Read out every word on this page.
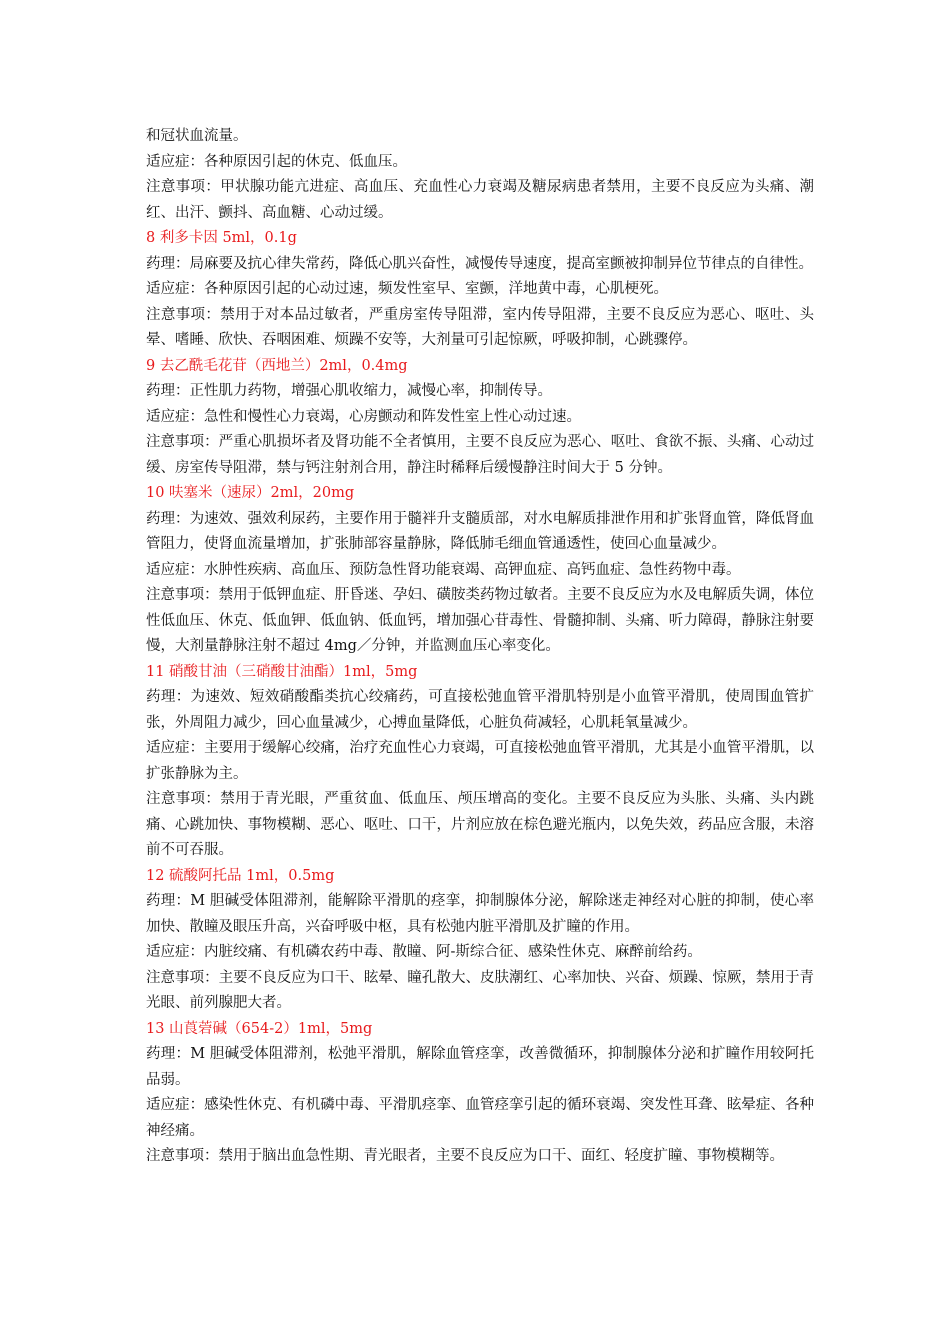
和冠状血流量。

适应症：各种原因引起的休克、低血压。

注意事项：甲状腺功能亢进症、高血压、充血性心力衰竭及糖尿病患者禁用，主要不良反应为头痛、潮红、出汗、颤抖、高血糖、心动过缓。

8 利多卡因 5ml，0.1g

药理：局麻要及抗心律失常药，降低心肌兴奋性，减慢传导速度，提高室颤被抑制异位节律点的自律性。

适应症：各种原因引起的心动过速，频发性室早、室颤，洋地黄中毒，心肌梗死。

注意事项：禁用于对本品过敏者，严重房室传导阻滞，室内传导阻滞，主要不良反应为恶心、呕吐、头晕、嗜睡、欣快、吞咽困难、烦躁不安等，大剂量可引起惊厥，呼吸抑制，心跳骤停。

9 去乙酰毛花苷（西地兰）2ml，0.4mg

药理：正性肌力药物，增强心肌收缩力，减慢心率，抑制传导。

适应症：急性和慢性心力衰竭，心房颤动和阵发性室上性心动过速。

注意事项：严重心肌损坏者及肾功能不全者慎用，主要不良反应为恶心、呕吐、食欲不振、头痛、心动过缓、房室传导阻滞，禁与钙注射剂合用，静注时稀释后缓慢静注时间大于 5 分钟。

10 呋塞米（速尿）2ml，20mg

药理：为速效、强效利尿药，主要作用于髓袢升支髓质部，对水电解质排泄作用和扩张肾血管，降低肾血管阻力，使肾血流量增加，扩张肺部容量静脉，降低肺毛细血管通透性，使回心血量减少。

适应症：水肿性疾病、高血压、预防急性肾功能衰竭、高钾血症、高钙血症、急性药物中毒。

注意事项：禁用于低钾血症、肝昏迷、孕妇、磺胺类药物过敏者。主要不良反应为水及电解质失调，体位性低血压、休克、低血钾、低血钠、低血钙，增加强心苷毒性、骨髓抑制、头痛、听力障碍，静脉注射要慢，大剂量静脉注射不超过 4mg／分钟，并监测血压心率变化。

11 硝酸甘油（三硝酸甘油酯）1ml，5mg

药理：为速效、短效硝酸酯类抗心绞痛药，可直接松弛血管平滑肌特别是小血管平滑肌，使周围血管扩张，外周阻力减少，回心血量减少，心搏血量降低，心脏负荷减轻，心肌耗氧量减少。

适应症：主要用于缓解心绞痛，治疗充血性心力衰竭，可直接松弛血管平滑肌，尤其是小血管平滑肌，以扩张静脉为主。

注意事项：禁用于青光眼，严重贫血、低血压、颅压增高的变化。主要不良反应为头胀、头痛、头内跳痛、心跳加快、事物模糊、恶心、呕吐、口干，片剂应放在棕色避光瓶内，以免失效，药品应含服，未溶前不可吞服。

12 硫酸阿托品 1ml，0.5mg

药理：M 胆碱受体阻滞剂，能解除平滑肌的痉挛，抑制腺体分泌，解除迷走神经对心脏的抑制，使心率加快、散瞳及眼压升高，兴奋呼吸中枢，具有松弛内脏平滑肌及扩瞳的作用。

适应症：内脏绞痛、有机磷农药中毒、散瞳、阿-斯综合征、感染性休克、麻醉前给药。

注意事项：主要不良反应为口干、眩晕、瞳孔散大、皮肤潮红、心率加快、兴奋、烦躁、惊厥，禁用于青光眼、前列腺肥大者。

13 山莨菪碱（654-2）1ml，5mg

药理：M 胆碱受体阻滞剂，松弛平滑肌，解除血管痉挛，改善微循环，抑制腺体分泌和扩瞳作用较阿托品弱。

适应症：感染性休克、有机磷中毒、平滑肌痉挛、血管痉挛引起的循环衰竭、突发性耳聋、眩晕症、各种神经痛。

注意事项：禁用于脑出血急性期、青光眼者，主要不良反应为口干、面红、轻度扩瞳、事物模糊等。
